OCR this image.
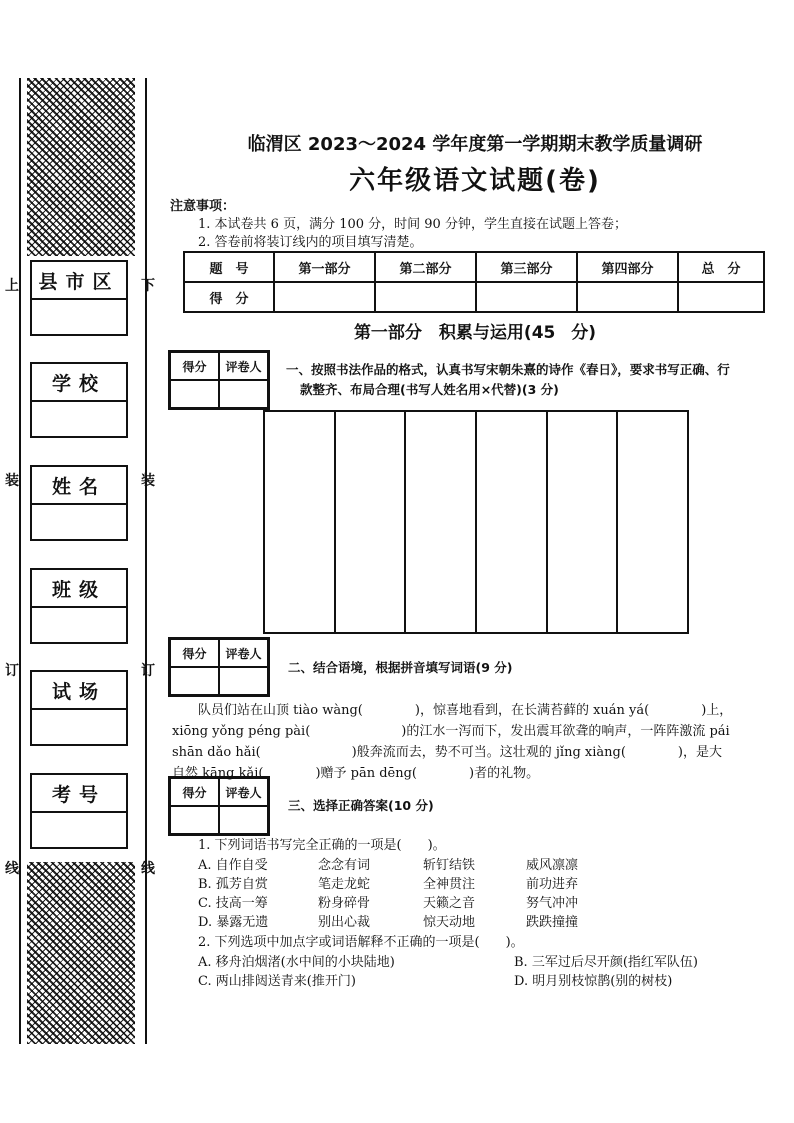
上	下
装	装
订	订
线	线
县市区
学校
姓名
班级
试场
考号
临渭区 2023～2024 学年度第一学期期末教学质量调研
六年级语文试题(卷)
注意事项：
1. 本试卷共 6 页，满分 100 分，时间 90 分钟，学生直接在试题上答卷；
2. 答卷前将装订线内的项目填写清楚。
题　号	第一部分	第二部分	第三部分	第四部分	总　分
得　分					
第一部分　积累与运用(45 分)
得分	评卷人	一、按照书法作品的格式，认真书写宋朝朱熹的诗作《春日》，要求书写正确、行
款整齐、布局合理(书写人姓名用×代替)(3 分)
得分	评卷人
二、结合语境，根据拼音填写词语(9 分)
　　队员们站在山顶 tiào wàng(　　　　)，惊喜地看到，在长满苔藓的 xuán yá(　　　　)上，
xiōng yǒng péng pài(　　　　　　　)的江水一泻而下，发出震耳欲聋的响声，一阵阵激流 pái
shān dǎo hǎi(　　　　　　　)般奔流而去，势不可当。这壮观的 jǐng xiàng(　　　　)，是大
自然 kāng kǎi(　　　　)赠予 pān dēng(　　　　)者的礼物。
得分	评卷人
三、选择正确答案(10 分)
1. 下列词语书写完全正确的一项是(　　)。
A. 自作自受	念念有词	斩钉结铁	威风凛凛
B. 孤芳自赏	笔走龙蛇	全神贯注	前功进弃
C. 技高一筹	粉身碎骨	天籁之音	努气冲冲
D. 暴露无遗	别出心裁	惊天动地	跌跌撞撞
2. 下列选项中加点字或词语解释不正确的一项是(　　)。
A. 移舟泊烟渚(水中间的小块陆地)	B. 三军过后尽开颜(指红军队伍)
C. 两山排闼送青来(推开门)	D. 明月别枝惊鹊(别的树枝)
